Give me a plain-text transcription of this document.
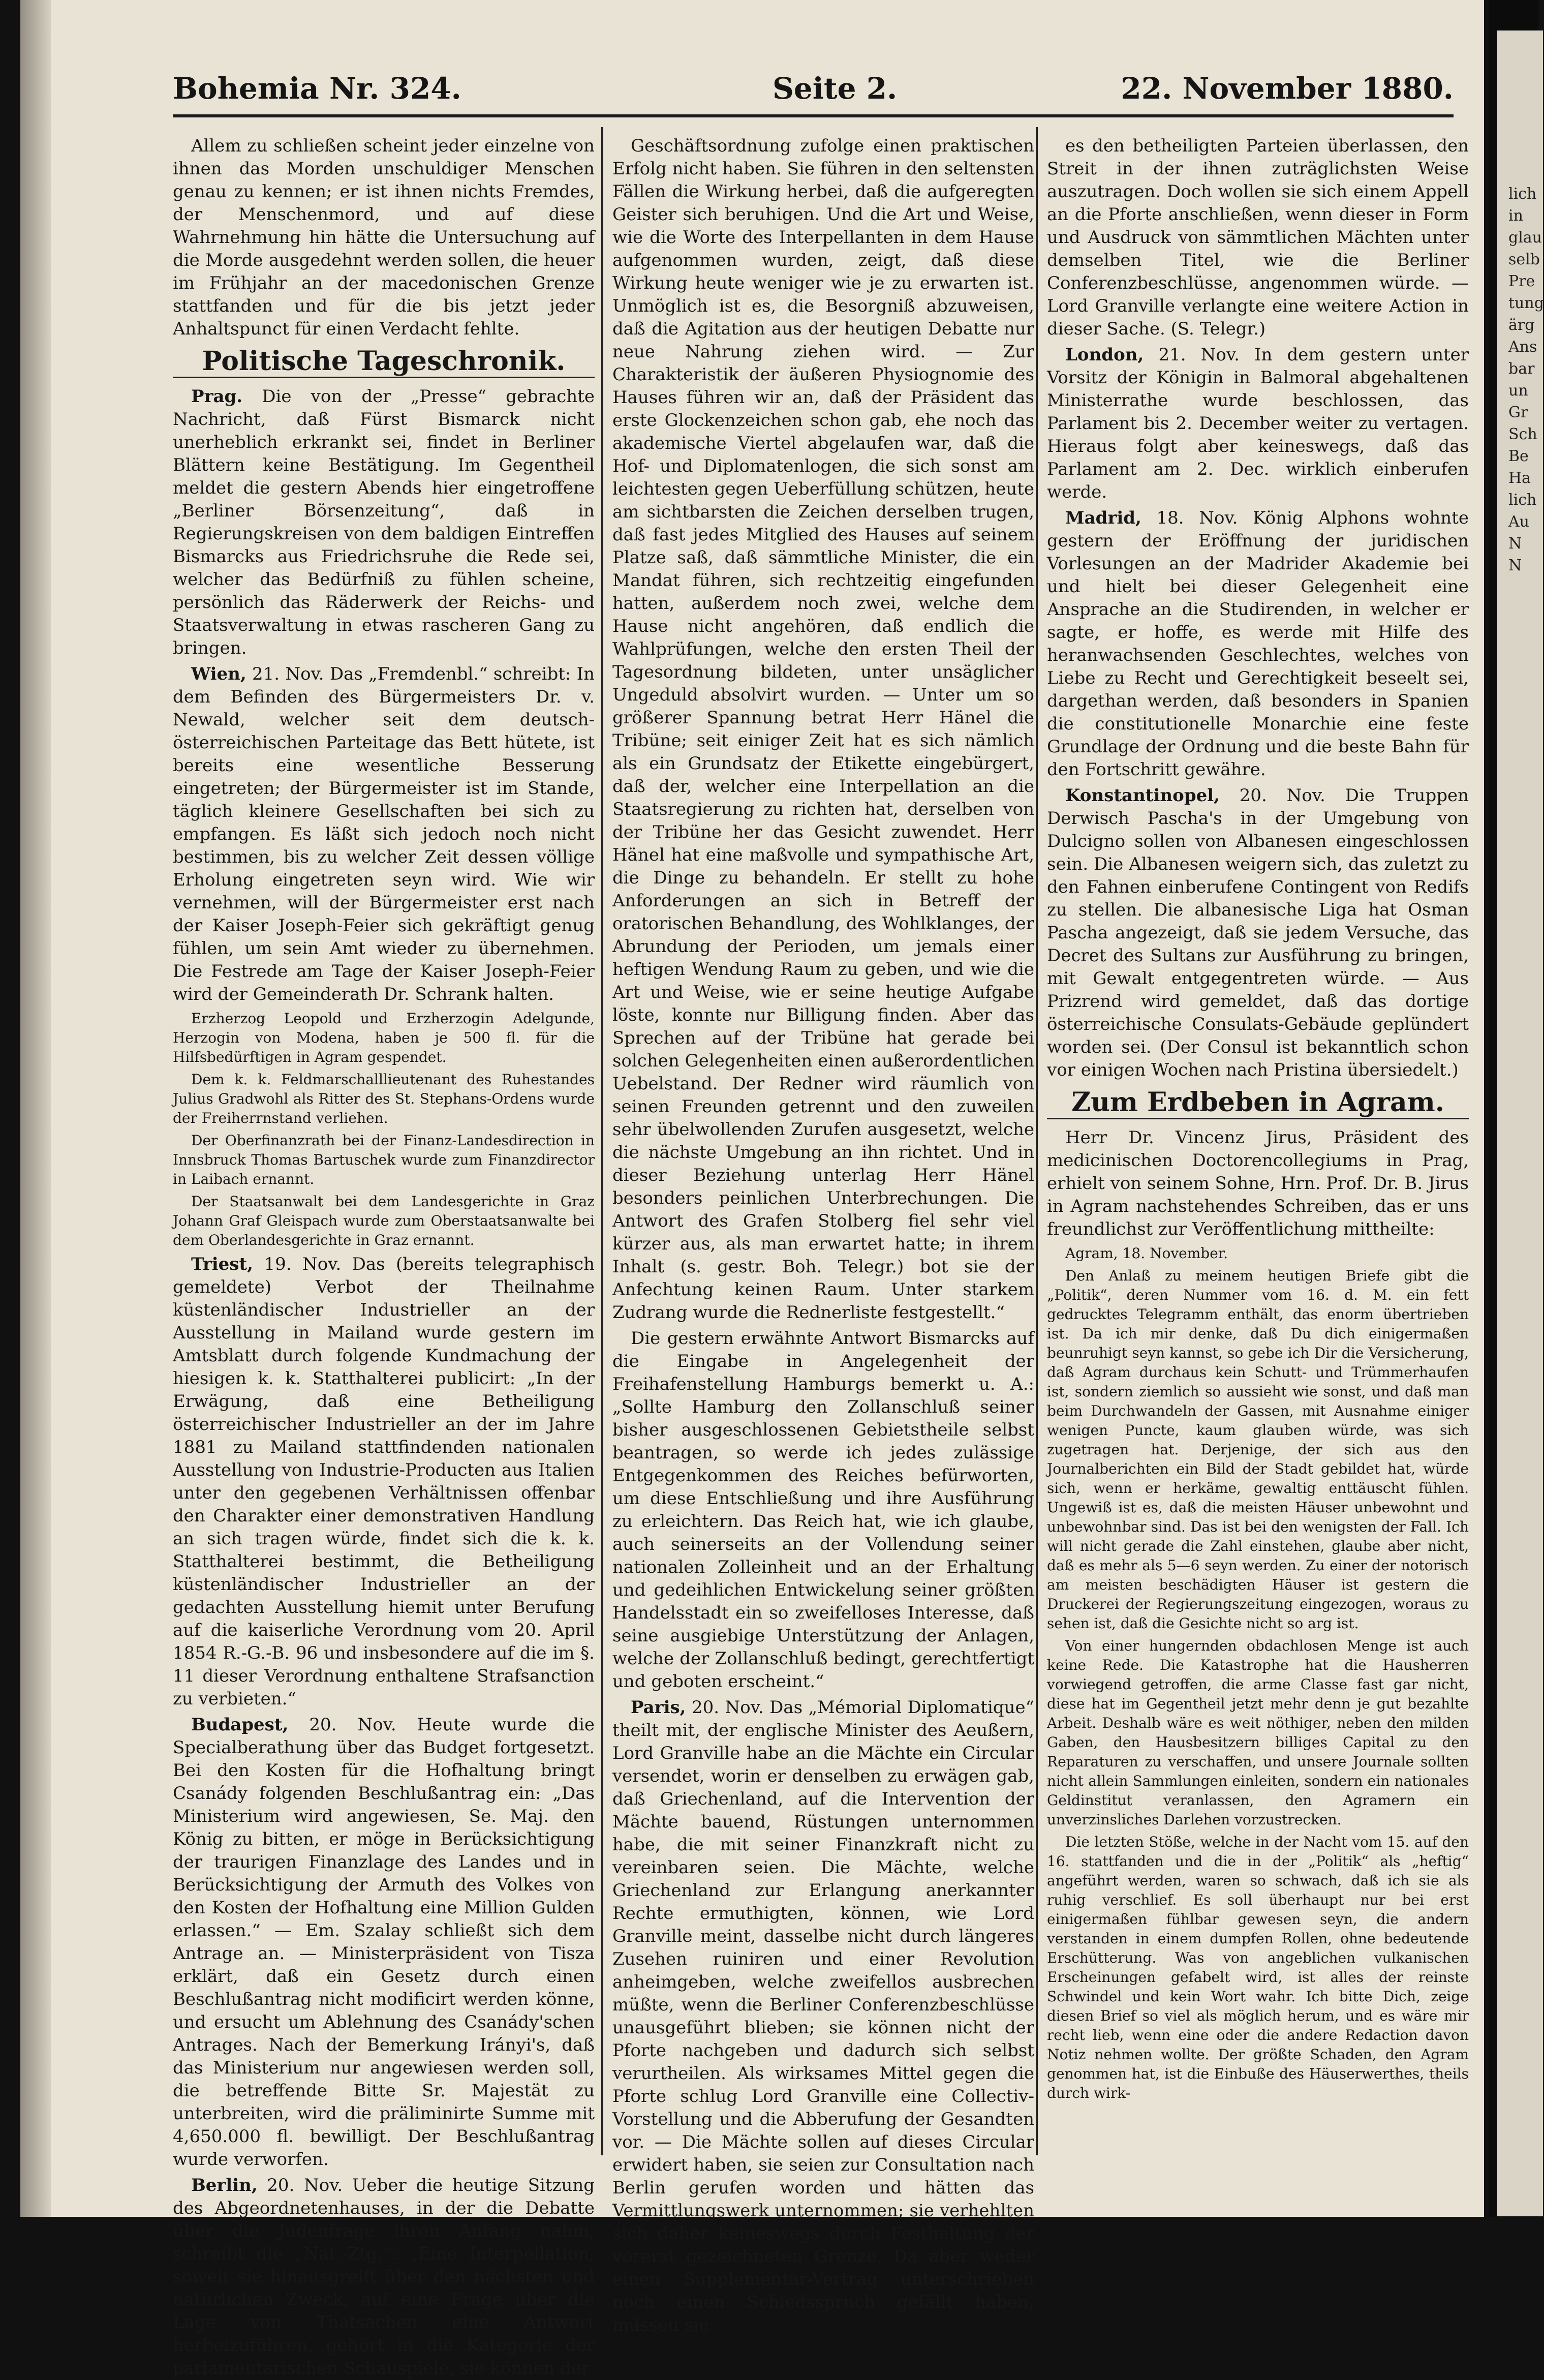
Bohemia Nr. 324.	Seite 2.	22. November 1880.

Allem zu schließen scheint jeder einzelne von ihnen das Morden unschuldiger Menschen genau zu kennen; er ist ihnen nichts Fremdes, der Menschenmord, und auf diese Wahrnehmung hin hätte die Untersuchung auf die Morde ausgedehnt werden sollen, die heuer im Frühjahr an der macedonischen Grenze stattfanden und für die bis jetzt jeder Anhaltspunct für einen Verdacht fehlte.

Politische Tageschronik.

Prag. Die von der „Presse“ gebrachte Nachricht, daß Fürst Bismarck nicht unerheblich erkrankt sei, findet in Berliner Blättern keine Bestätigung. Im Gegentheil meldet die gestern Abends hier eingetroffene „Berliner Börsenzeitung“, daß in Regierungskreisen von dem baldigen Eintreffen Bismarcks aus Friedrichsruhe die Rede sei, welcher das Bedürfniß zu fühlen scheine, persönlich das Räderwerk der Reichs- und Staatsverwaltung in etwas rascheren Gang zu bringen.

Wien, 21. Nov. Das „Fremdenbl.“ schreibt: In dem Befinden des Bürgermeisters Dr. v. Newald, welcher seit dem deutsch-österreichischen Parteitage das Bett hütete, ist bereits eine wesentliche Besserung eingetreten; der Bürgermeister ist im Stande, täglich kleinere Gesellschaften bei sich zu empfangen. Es läßt sich jedoch noch nicht bestimmen, bis zu welcher Zeit dessen völlige Erholung eingetreten seyn wird. Wie wir vernehmen, will der Bürgermeister erst nach der Kaiser Joseph-Feier sich gekräftigt genug fühlen, um sein Amt wieder zu übernehmen. Die Festrede am Tage der Kaiser Joseph-Feier wird der Gemeinderath Dr. Schrank halten.

Erzherzog Leopold und Erzherzogin Adelgunde, Herzogin von Modena, haben je 500 fl. für die Hilfsbedürftigen in Agram gespendet.

Dem k. k. Feldmarschalllieutenant des Ruhestandes Julius Gradwohl als Ritter des St. Stephans-Ordens wurde der Freiherrnstand verliehen.

Der Oberfinanzrath bei der Finanz-Landesdirection in Innsbruck Thomas Bartuschek wurde zum Finanzdirector in Laibach ernannt.

Der Staatsanwalt bei dem Landesgerichte in Graz Johann Graf Gleispach wurde zum Oberstaatsanwalte bei dem Oberlandesgerichte in Graz ernannt.

Triest, 19. Nov. Das (bereits telegraphisch gemeldete) Verbot der Theilnahme küstenländischer Industrieller an der Ausstellung in Mailand wurde gestern im Amtsblatt durch folgende Kundmachung der hiesigen k. k. Statthalterei publicirt: „In der Erwägung, daß eine Betheiligung österreichischer Industrieller an der im Jahre 1881 zu Mailand stattfindenden nationalen Ausstellung von Industrie-Producten aus Italien unter den gegebenen Verhältnissen offenbar den Charakter einer demonstrativen Handlung an sich tragen würde, findet sich die k. k. Statthalterei bestimmt, die Betheiligung küstenländischer Industrieller an der gedachten Ausstellung hiemit unter Berufung auf die kaiserliche Verordnung vom 20. April 1854 R.-G.-B. 96 und insbesondere auf die im §. 11 dieser Verordnung enthaltene Strafsanction zu verbieten.“

Budapest, 20. Nov. Heute wurde die Specialberathung über das Budget fortgesetzt. Bei den Kosten für die Hofhaltung bringt Csanády folgenden Beschlußantrag ein: „Das Ministerium wird angewiesen, Se. Maj. den König zu bitten, er möge in Berücksichtigung der traurigen Finanzlage des Landes und in Berücksichtigung der Armuth des Volkes von den Kosten der Hofhaltung eine Million Gulden erlassen.“ — Em. Szalay schließt sich dem Antrage an. — Ministerpräsident von Tisza erklärt, daß ein Gesetz durch einen Beschlußantrag nicht modificirt werden könne, und ersucht um Ablehnung des Csanády'schen Antrages. Nach der Bemerkung Irányi's, daß das Ministerium nur angewiesen werden soll, die betreffende Bitte Sr. Majestät zu unterbreiten, wird die präliminirte Summe mit 4,650.000 fl. bewilligt. Der Beschlußantrag wurde verworfen.

Berlin, 20. Nov. Ueber die heutige Sitzung des Abgeordnetenhauses, in der die Debatte über die Judenfrage ihren Anfang nahm, schreibt die „Nat.-Ztg.“: „Eine Interpellation, soweit sie hinausgreift über den nächsten und natürlichen Zweck, auf eine Frage über die Lage von Thatsachen eine Antwort herbeizuführen, gehört in die Kategorie der parlamentarischen Schauspiele, sie können der

Geschäftsordnung zufolge einen praktischen Erfolg nicht haben. Sie führen in den seltensten Fällen die Wirkung herbei, daß die aufgeregten Geister sich beruhigen. Und die Art und Weise, wie die Worte des Interpellanten in dem Hause aufgenommen wurden, zeigt, daß diese Wirkung heute weniger wie je zu erwarten ist. Unmöglich ist es, die Besorgniß abzuweisen, daß die Agitation aus der heutigen Debatte nur neue Nahrung ziehen wird. — Zur Charakteristik der äußeren Physiognomie des Hauses führen wir an, daß der Präsident das erste Glockenzeichen schon gab, ehe noch das akademische Viertel abgelaufen war, daß die Hof- und Diplomatenlogen, die sich sonst am leichtesten gegen Ueberfüllung schützen, heute am sichtbarsten die Zeichen derselben trugen, daß fast jedes Mitglied des Hauses auf seinem Platze saß, daß sämmtliche Minister, die ein Mandat führen, sich rechtzeitig eingefunden hatten, außerdem noch zwei, welche dem Hause nicht angehören, daß endlich die Wahlprüfungen, welche den ersten Theil der Tagesordnung bildeten, unter unsäglicher Ungeduld absolvirt wurden. — Unter um so größerer Spannung betrat Herr Hänel die Tribüne; seit einiger Zeit hat es sich nämlich als ein Grundsatz der Etikette eingebürgert, daß der, welcher eine Interpellation an die Staatsregierung zu richten hat, derselben von der Tribüne her das Gesicht zuwendet. Herr Hänel hat eine maßvolle und sympathische Art, die Dinge zu behandeln. Er stellt zu hohe Anforderungen an sich in Betreff der oratorischen Behandlung, des Wohlklanges, der Abrundung der Perioden, um jemals einer heftigen Wendung Raum zu geben, und wie die Art und Weise, wie er seine heutige Aufgabe löste, konnte nur Billigung finden. Aber das Sprechen auf der Tribüne hat gerade bei solchen Gelegenheiten einen außerordentlichen Uebelstand. Der Redner wird räumlich von seinen Freunden getrennt und den zuweilen sehr übelwollenden Zurufen ausgesetzt, welche die nächste Umgebung an ihn richtet. Und in dieser Beziehung unterlag Herr Hänel besonders peinlichen Unterbrechungen. Die Antwort des Grafen Stolberg fiel sehr viel kürzer aus, als man erwartet hatte; in ihrem Inhalt (s. gestr. Boh. Telegr.) bot sie der Anfechtung keinen Raum. Unter starkem Zudrang wurde die Rednerliste festgestellt.“

Die gestern erwähnte Antwort Bismarcks auf die Eingabe in Angelegenheit der Freihafenstellung Hamburgs bemerkt u. A.: „Sollte Hamburg den Zollanschluß seiner bisher ausgeschlossenen Gebietstheile selbst beantragen, so werde ich jedes zulässige Entgegenkommen des Reiches befürworten, um diese Entschließung und ihre Ausführung zu erleichtern. Das Reich hat, wie ich glaube, auch seinerseits an der Vollendung seiner nationalen Zolleinheit und an der Erhaltung und gedeihlichen Entwickelung seiner größten Handelsstadt ein so zweifelloses Interesse, daß seine ausgiebige Unterstützung der Anlagen, welche der Zollanschluß bedingt, gerechtfertigt und geboten erscheint.“

Paris, 20. Nov. Das „Mémorial Diplomatique“ theilt mit, der englische Minister des Aeußern, Lord Granville habe an die Mächte ein Circular versendet, worin er denselben zu erwägen gab, daß Griechenland, auf die Intervention der Mächte bauend, Rüstungen unternommen habe, die mit seiner Finanzkraft nicht zu vereinbaren seien. Die Mächte, welche Griechenland zur Erlangung anerkannter Rechte ermuthigten, können, wie Lord Granville meint, dasselbe nicht durch längeres Zusehen ruiniren und einer Revolution anheimgeben, welche zweifellos ausbrechen müßte, wenn die Berliner Conferenzbeschlüsse unausgeführt blieben; sie können nicht der Pforte nachgeben und dadurch sich selbst verurtheilen. Als wirksames Mittel gegen die Pforte schlug Lord Granville eine Collectiv-Vorstellung und die Abberufung der Gesandten vor. — Die Mächte sollen auf dieses Circular erwidert haben, sie seien zur Consultation nach Berlin gerufen worden und hätten das Vermittlungswerk unternommen; sie verhehlten sich daher keineswegs durch Festhaltung der vorerst gezeichneten Grenze. Da aber weder einen Supplementar-Vertrag unterschrieben noch einen Schiedsspruch gefällt haben, müssen sie

es den betheiligten Parteien überlassen, den Streit in der ihnen zuträglichsten Weise auszutragen. Doch wollen sie sich einem Appell an die Pforte anschließen, wenn dieser in Form und Ausdruck von sämmtlichen Mächten unter demselben Titel, wie die Berliner Conferenzbeschlüsse, angenommen würde. — Lord Granville verlangte eine weitere Action in dieser Sache. (S. Telegr.)

London, 21. Nov. In dem gestern unter Vorsitz der Königin in Balmoral abgehaltenen Ministerrathe wurde beschlossen, das Parlament bis 2. December weiter zu vertagen. Hieraus folgt aber keineswegs, daß das Parlament am 2. Dec. wirklich einberufen werde.

Madrid, 18. Nov. König Alphons wohnte gestern der Eröffnung der juridischen Vorlesungen an der Madrider Akademie bei und hielt bei dieser Gelegenheit eine Ansprache an die Studirenden, in welcher er sagte, er hoffe, es werde mit Hilfe des heranwachsenden Geschlechtes, welches von Liebe zu Recht und Gerechtigkeit beseelt sei, dargethan werden, daß besonders in Spanien die constitutionelle Monarchie eine feste Grundlage der Ordnung und die beste Bahn für den Fortschritt gewähre.

Konstantinopel, 20. Nov. Die Truppen Derwisch Pascha's in der Umgebung von Dulcigno sollen von Albanesen eingeschlossen sein. Die Albanesen weigern sich, das zuletzt zu den Fahnen einberufene Contingent von Redifs zu stellen. Die albanesische Liga hat Osman Pascha angezeigt, daß sie jedem Versuche, das Decret des Sultans zur Ausführung zu bringen, mit Gewalt entgegentreten würde. — Aus Prizrend wird gemeldet, daß das dortige österreichische Consulats-Gebäude geplündert worden sei. (Der Consul ist bekanntlich schon vor einigen Wochen nach Pristina übersiedelt.)

Zum Erdbeben in Agram.

Herr Dr. Vincenz Jirus, Präsident des medicinischen Doctorencollegiums in Prag, erhielt von seinem Sohne, Hrn. Prof. Dr. B. Jirus in Agram nachstehendes Schreiben, das er uns freundlichst zur Veröffentlichung mittheilte:

Agram, 18. November.

Den Anlaß zu meinem heutigen Briefe gibt die „Politik“, deren Nummer vom 16. d. M. ein fett gedrucktes Telegramm enthält, das enorm übertrieben ist. Da ich mir denke, daß Du dich einigermaßen beunruhigt seyn kannst, so gebe ich Dir die Versicherung, daß Agram durchaus kein Schutt- und Trümmerhaufen ist, sondern ziemlich so aussieht wie sonst, und daß man beim Durchwandeln der Gassen, mit Ausnahme einiger wenigen Puncte, kaum glauben würde, was sich zugetragen hat. Derjenige, der sich aus den Journalberichten ein Bild der Stadt gebildet hat, würde sich, wenn er herkäme, gewaltig enttäuscht fühlen. Ungewiß ist es, daß die meisten Häuser unbewohnt und unbewohnbar sind. Das ist bei den wenigsten der Fall. Ich will nicht gerade die Zahl einstehen, glaube aber nicht, daß es mehr als 5—6 seyn werden. Zu einer der notorisch am meisten beschädigten Häuser ist gestern die Druckerei der Regierungszeitung eingezogen, woraus zu sehen ist, daß die Gesichte nicht so arg ist.

Von einer hungernden obdachlosen Menge ist auch keine Rede. Die Katastrophe hat die Hausherren vorwiegend getroffen, die arme Classe fast gar nicht, diese hat im Gegentheil jetzt mehr denn je gut bezahlte Arbeit. Deshalb wäre es weit nöthiger, neben den milden Gaben, den Hausbesitzern billiges Capital zu den Reparaturen zu verschaffen, und unsere Journale sollten nicht allein Sammlungen einleiten, sondern ein nationales Geldinstitut veranlassen, den Agramern ein unverzinsliches Darlehen vorzustrecken.

Die letzten Stöße, welche in der Nacht vom 15. auf den 16. stattfanden und die in der „Politik“ als „heftig“ angeführt werden, waren so schwach, daß ich sie als ruhig verschlief. Es soll überhaupt nur bei erst einigermaßen fühlbar gewesen seyn, die andern verstanden in einem dumpfen Rollen, ohne bedeutende Erschütterung. Was von angeblichen vulkanischen Erscheinungen gefabelt wird, ist alles der reinste Schwindel und kein Wort wahr. Ich bitte Dich, zeige diesen Brief so viel als möglich herum, und es wäre mir recht lieb, wenn eine oder die andere Redaction davon Notiz nehmen wollte. Der größte Schaden, den Agram genommen hat, ist die Einbuße des Häuserwerthes, theils durch wirk-

lich
in
glau
selb
Pre
tung
ärg
Ans
bar
un
Gr
Sch
Be
Ha
lich
Au
N
N
